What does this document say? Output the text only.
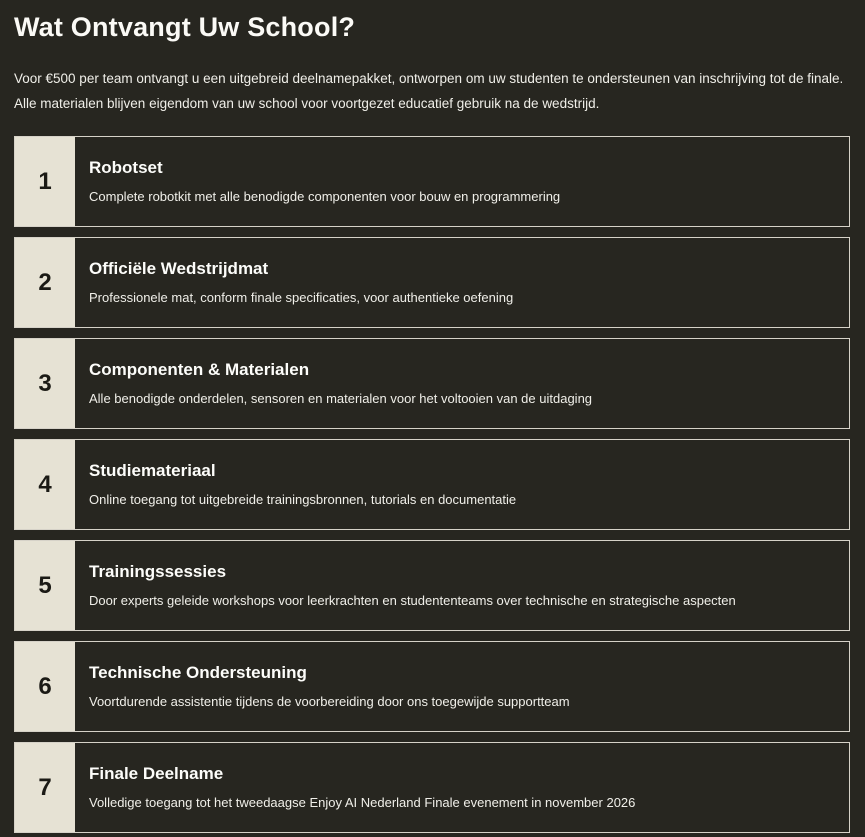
Wat Ontvangt Uw School?

Voor €500 per team ontvangt u een uitgebreid deelnamepakket, ontworpen om uw studenten te ondersteunen van inschrijving tot de finale. Alle materialen blijven eigendom van uw school voor voortgezet educatief gebruik na de wedstrijd.

1
Robotset

Complete robotkit met alle benodigde componenten voor bouw en programmering

2
Officiële Wedstrijdmat

Professionele mat, conform finale specificaties, voor authentieke oefening

3
Componenten & Materialen

Alle benodigde onderdelen, sensoren en materialen voor het voltooien van de uitdaging

4
Studiemateriaal

Online toegang tot uitgebreide trainingsbronnen, tutorials en documentatie

5
Trainingssessies

Door experts geleide workshops voor leerkrachten en studententeams over technische en strategische aspecten

6
Technische Ondersteuning

Voortdurende assistentie tijdens de voorbereiding door ons toegewijde supportteam

7
Finale Deelname

Volledige toegang tot het tweedaagse Enjoy AI Nederland Finale evenement in november 2026
